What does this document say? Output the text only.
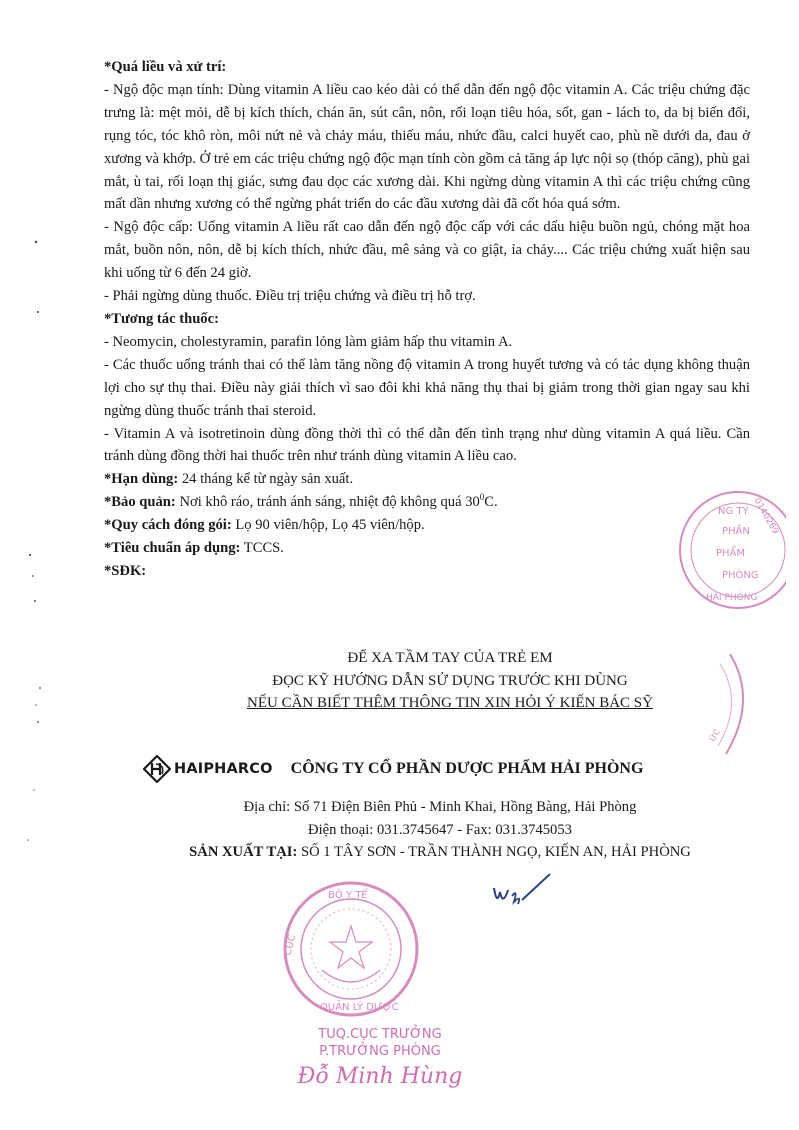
*Quá liều và xử trí:

- Ngộ độc mạn tính: Dùng vitamin A liều cao kéo dài có thể dẫn đến ngộ độc vitamin A. Các triệu chứng đặc trưng là: mệt mỏi, dễ bị kích thích, chán ăn, sút cân, nôn, rối loạn tiêu hóa, sốt, gan - lách to, da bị biến đổi, rụng tóc, tóc khô ròn, môi nứt nẻ và chảy máu, thiếu máu, nhức đầu, calci huyết cao, phù nề dưới da, đau ở xương và khớp. Ở trẻ em các triệu chứng ngộ độc mạn tính còn gồm cả tăng áp lực nội sọ (thóp căng), phù gai mắt, ù tai, rối loạn thị giác, sưng đau dọc các xương dài. Khi ngừng dùng vitamin A thì các triệu chứng cũng mất dần nhưng xương có thể ngừng phát triển do các đầu xương dài đã cốt hóa quá sớm.

- Ngộ độc cấp: Uống vitamin A liều rất cao dẫn đến ngộ độc cấp với các dấu hiệu buồn ngủ, chóng mặt hoa mắt, buồn nôn, nôn, dễ bị kích thích, nhức đầu, mê sảng và co giật, ỉa chảy.... Các triệu chứng xuất hiện sau khi uống từ 6 đến 24 giờ.

- Phải ngừng dùng thuốc. Điều trị triệu chứng và điều trị hỗ trợ.

*Tương tác thuốc:

- Neomycin, cholestyramin, parafin lỏng làm giảm hấp thu vitamin A.

- Các thuốc uống tránh thai có thể làm tăng nồng độ vitamin A trong huyết tương và có tác dụng không thuận lợi cho sự thụ thai. Điều này giải thích vì sao đôi khi khả năng thụ thai bị giảm trong thời gian ngay sau khi ngừng dùng thuốc tránh thai steroid.

- Vitamin A và isotretinoin dùng đồng thời thì có thể dẫn đến tình trạng như dùng vitamin A quá liều. Cần tránh dùng đồng thời hai thuốc trên như tránh dùng vitamin A liều cao.

*Hạn dùng: 24 tháng kể từ ngày sản xuất.

*Bảo quản: Nơi khô ráo, tránh ánh sáng, nhiệt độ không quá $30^0C$.

*Quy cách đóng gói: Lọ 90 viên/hộp, Lọ 45 viên/hộp.

*Tiêu chuẩn áp dụng: TCCS.

*SĐK:

ĐỂ XA TẦM TAY CỦA TRẺ EM
ĐỌC KỸ HƯỚNG DẪN SỬ DỤNG TRƯỚC KHI DÙNG
NẾU CẦN BIẾT THÊM THÔNG TIN XIN HỎI Ý KIẾN BÁC SỸ
HAIPHARCO CÔNG TY CỔ PHẦN DƯỢC PHẨM HẢI PHÒNG
Địa chỉ: Số 71 Điện Biên Phủ - Minh Khai, Hồng Bàng, Hải Phòng
Điện thoại: 031.3745647 - Fax: 031.3745053
SẢN XUẤT TẠI: SỐ 1 TÂY SƠN - TRẦN THÀNH NGỌ, KIẾN AN, HẢI PHÒNG
NG TY 0140269
PHẦN
PHẨM
PHÒNG
HẢI PHÒNG
ỨC
BỘ Y TẾ
CỤC
QUẢN LÝ DƯỢC
TUQ.CỤC TRƯỞNG
P.TRƯỞNG PHÒNG
Đỗ Minh Hùng
